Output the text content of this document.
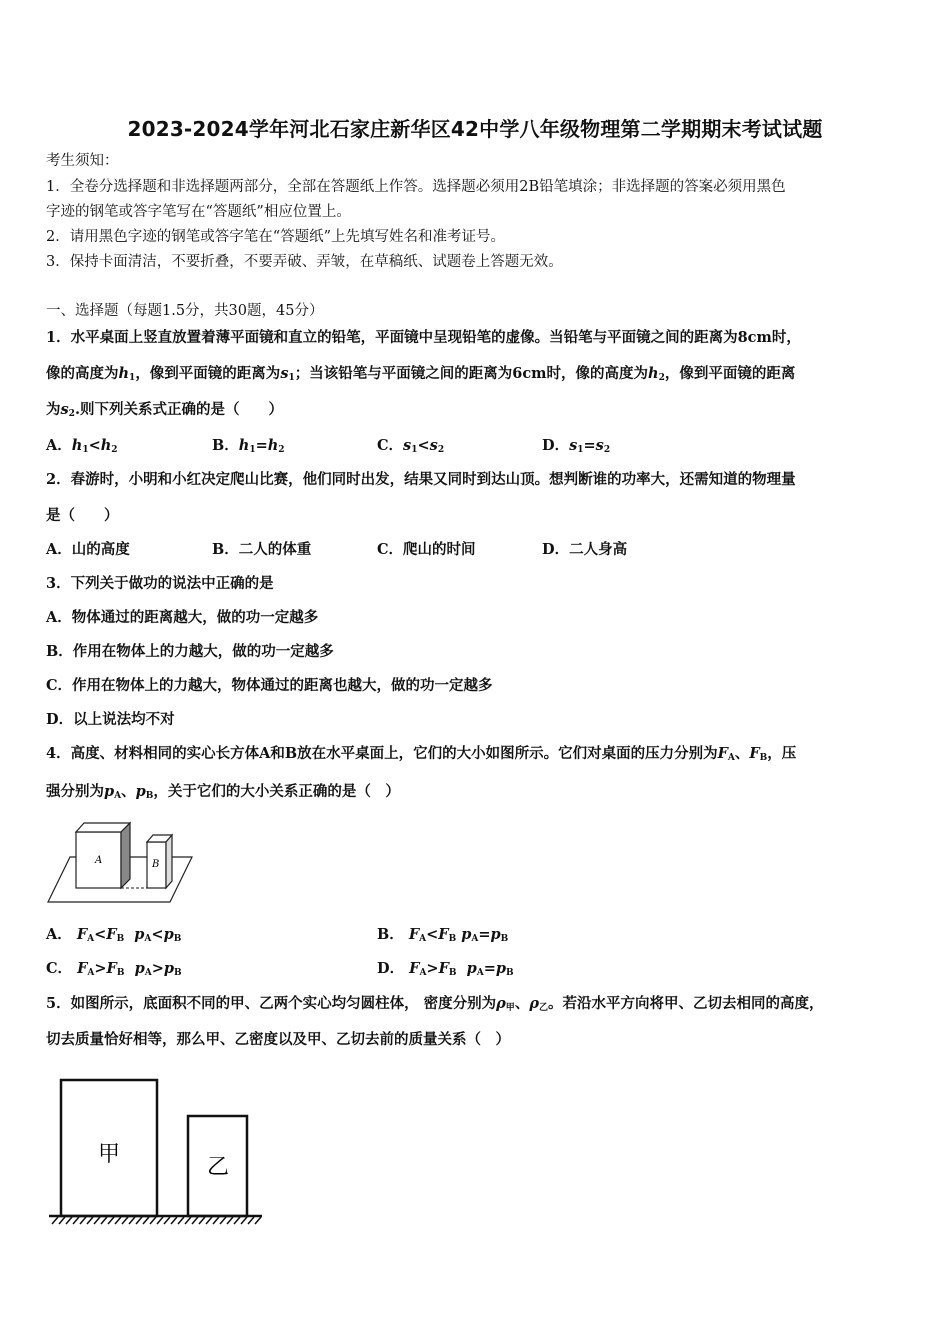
2023-2024学年河北石家庄新华区42中学八年级物理第二学期期末考试试题
考生须知：
1．全卷分选择题和非选择题两部分，全部在答题纸上作答。选择题必须用2B铅笔填涂；非选择题的答案必须用黑色
字迹的钢笔或答字笔写在“答题纸”相应位置上。
2．请用黑色字迹的钢笔或答字笔在“答题纸”上先填写姓名和准考证号。
3．保持卡面清洁，不要折叠，不要弄破、弄皱，在草稿纸、试题卷上答题无效。
一、选择题（每题1.5分，共30题，45分）
1．水平桌面上竖直放置着薄平面镜和直立的铅笔，平面镜中呈现铅笔的虚像。当铅笔与平面镜之间的距离为8cm时，
像的高度为$h_1$，像到平面镜的距离为$s_1$；当该铅笔与平面镜之间的距离为6cm时，像的高度为$h_2$，像到平面镜的距离
为$s_2$.则下列关系式正确的是（　　）
A．$h_1<h_2$	B．$h_1=h_2$	C．$s_1<s_2$	D．$s_1=s_2$
2．春游时，小明和小红决定爬山比赛，他们同时出发，结果又同时到达山顶。想判断谁的功率大，还需知道的物理量
是（　　）
A．山的高度	B．二人的体重	C．爬山的时间	D．二人身高
3．下列关于做功的说法中正确的是
A．物体通过的距离越大，做的功一定越多
B．作用在物体上的力越大，做的功一定越多
C．作用在物体上的力越大，物体通过的距离也越大，做的功一定越多
D．以上说法均不对
4．高度、材料相同的实心长方体A和B放在水平桌面上，它们的大小如图所示。它们对桌面的压力分别为$F_A$、$F_B$，压
强分别为$p_A$、$p_B$，关于它们的大小关系正确的是（　）
A	B
A． $F_A<F_B$ $p_A<p_B$	B． $F_A<F_B$ $p_A=p_B$
C． $F_A>F_B$ $p_A>p_B$	D． $F_A>F_B$ $p_A=p_B$
5．如图所示，底面积不同的甲、乙两个实心均匀圆柱体， 密度分别为$\rho_甲$、$\rho_乙$。若沿水平方向将甲、乙切去相同的高度，
切去质量恰好相等，那么甲、乙密度以及甲、乙切去前的质量关系（　）
甲
乙
